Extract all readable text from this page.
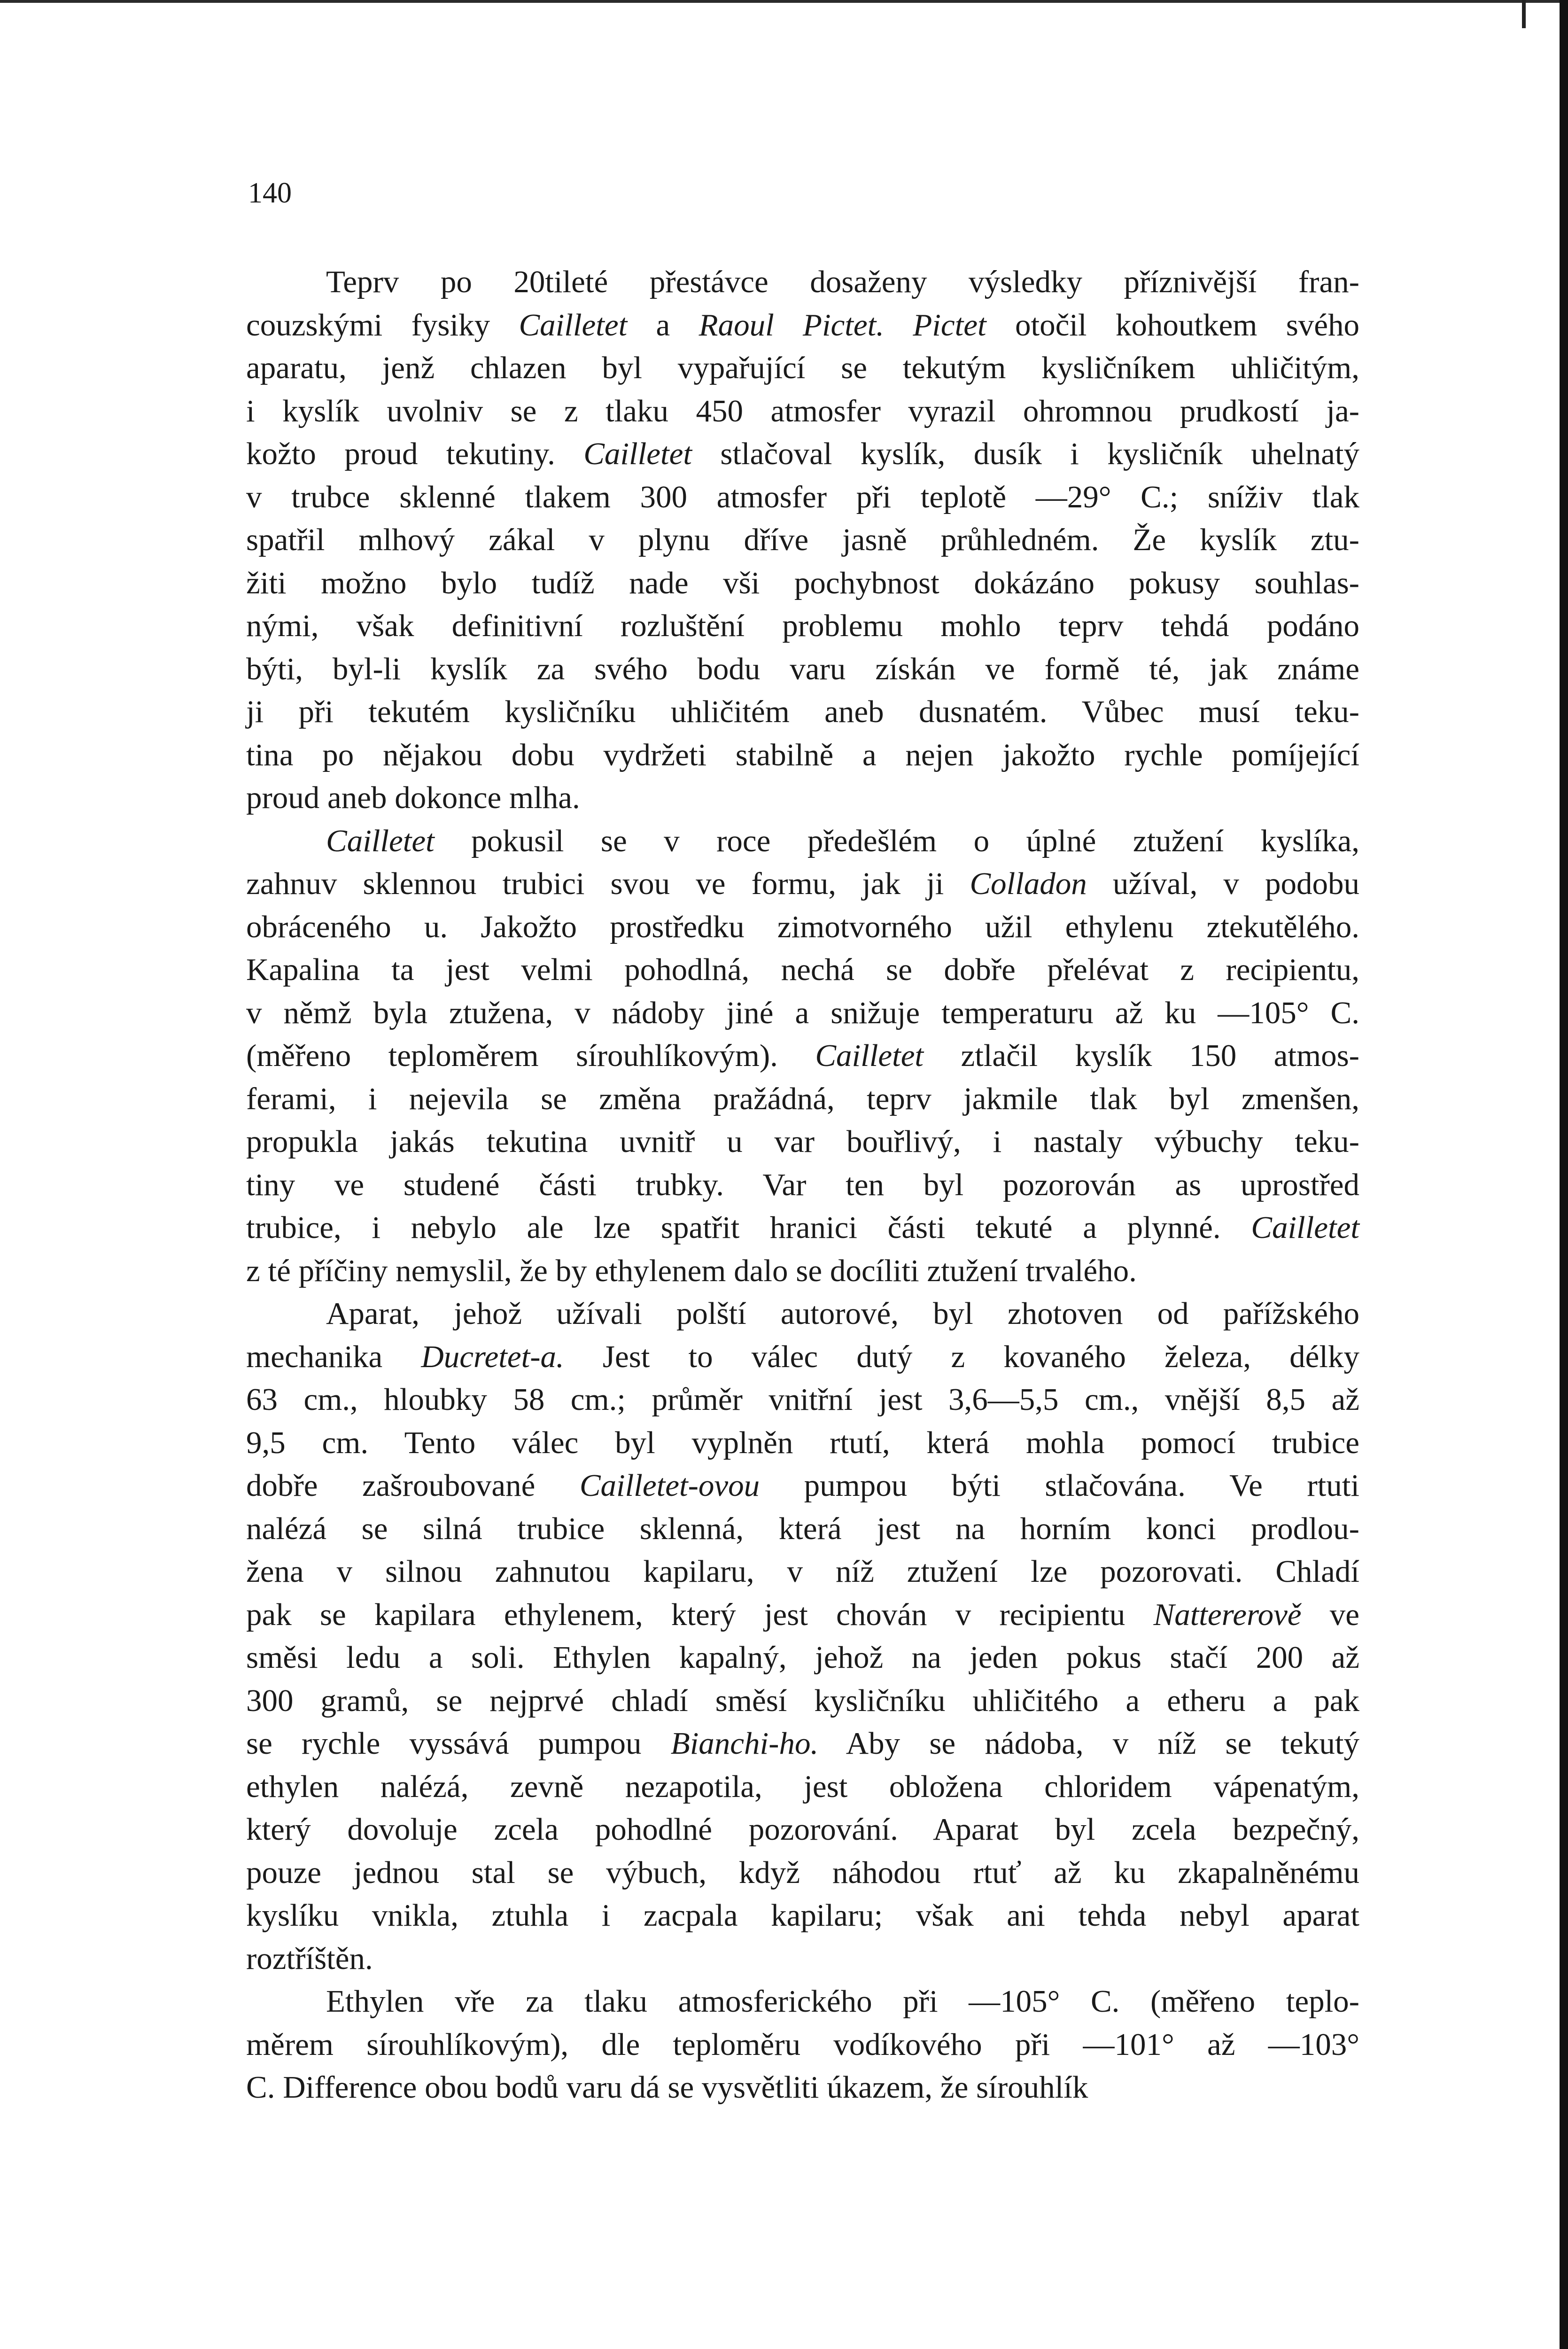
140

Teprv po 20tileté přestávce dosaženy výsledky příznivější fran-
couzskými fysiky Cailletet a Raoul Pictet. Pictet otočil kohoutkem svého
aparatu, jenž chlazen byl vypařující se tekutým kysličníkem uhličitým,
i kyslík uvolniv se z tlaku 450 atmosfer vyrazil ohromnou prudkostí ja-
kožto proud tekutiny. Cailletet stlačoval kyslík, dusík i kysličník uhelnatý
v trubce sklenné tlakem 300 atmosfer při teplotě —29° C.; sníživ tlak
spatřil mlhový zákal v plynu dříve jasně průhledném. Že kyslík ztu-
žiti možno bylo tudíž nade vši pochybnost dokázáno pokusy souhlas-
nými, však definitivní rozluštění problemu mohlo teprv tehdá podáno
býti, byl-li kyslík za svého bodu varu získán ve formě té, jak známe
ji při tekutém kysličníku uhličitém aneb dusnatém. Vůbec musí teku-
tina po nějakou dobu vydržeti stabilně a nejen jakožto rychle pomíjející
proud aneb dokonce mlha.

Cailletet pokusil se v roce předešlém o úplné ztužení kyslíka,
zahnuv sklennou trubici svou ve formu, jak ji Colladon užíval, v podobu
obráceného u. Jakožto prostředku zimotvorného užil ethylenu ztekutělého.
Kapalina ta jest velmi pohodlná, nechá se dobře přelévat z recipientu,
v němž byla ztužena, v nádoby jiné a snižuje temperaturu až ku —105° C.
(měřeno teploměrem sírouhlíkovým). Cailletet ztlačil kyslík 150 atmos-
ferami, i nejevila se změna pražádná, teprv jakmile tlak byl zmenšen,
propukla jakás tekutina uvnitř u var bouřlivý, i nastaly výbuchy teku-
tiny ve studené části trubky. Var ten byl pozorován as uprostřed
trubice, i nebylo ale lze spatřit hranici části tekuté a plynné. Cailletet
z té příčiny nemyslil, že by ethylenem dalo se docíliti ztužení trvalého.

Aparat, jehož užívali polští autorové, byl zhotoven od pařížského
mechanika Ducretet-a. Jest to válec dutý z kovaného železa, délky
63 cm., hloubky 58 cm.; průměr vnitřní jest 3,6—5,5 cm., vnější 8,5 až
9,5 cm. Tento válec byl vyplněn rtutí, která mohla pomocí trubice
dobře zašroubované Cailletet-ovou pumpou býti stlačována. Ve rtuti
nalézá se silná trubice sklenná, která jest na horním konci prodlou-
žena v silnou zahnutou kapilaru, v níž ztužení lze pozorovati. Chladí
pak se kapilara ethylenem, který jest chován v recipientu Nattererově ve
směsi ledu a soli. Ethylen kapalný, jehož na jeden pokus stačí 200 až
300 gramů, se nejprvé chladí směsí kysličníku uhličitého a etheru a pak
se rychle vyssává pumpou Bianchi-ho. Aby se nádoba, v níž se tekutý
ethylen nalézá, zevně nezapotila, jest obložena chloridem vápenatým,
který dovoluje zcela pohodlné pozorování. Aparat byl zcela bezpečný,
pouze jednou stal se výbuch, když náhodou rtuť až ku zkapalněnému
kyslíku vnikla, ztuhla i zacpala kapilaru; však ani tehda nebyl aparat
roztříštěn.

Ethylen vře za tlaku atmosferického při —105° C. (měřeno teplo-
měrem sírouhlíkovým), dle teploměru vodíkového při —101° až —103°
C. Difference obou bodů varu dá se vysvětliti úkazem, že sírouhlík
